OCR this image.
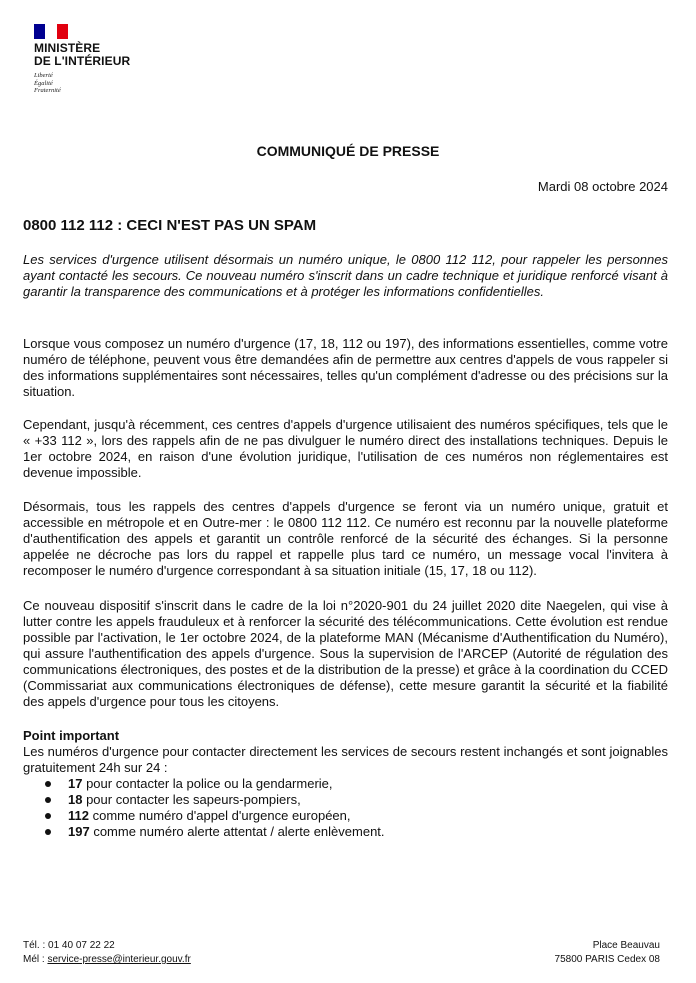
MINISTÈRE
DE L'INTÉRIEUR
Liberté
Égalité
Fraternité
COMMUNIQUÉ DE PRESSE
Mardi 08 octobre 2024
0800 112 112 : CECI N'EST PAS UN SPAM
Les services d'urgence utilisent désormais un numéro unique, le 0800 112 112, pour rappeler les personnes ayant contacté les secours. Ce nouveau numéro s'inscrit dans un cadre technique et juridique renforcé visant à garantir la transparence des communications et à protéger les informations confidentielles.
Lorsque vous composez un numéro d'urgence (17, 18, 112 ou 197), des informations essentielles, comme votre numéro de téléphone, peuvent vous être demandées afin de permettre aux centres d'appels de vous rappeler si des informations supplémentaires sont nécessaires, telles qu'un complément d'adresse ou des précisions sur la situation.
Cependant, jusqu'à récemment, ces centres d'appels d'urgence utilisaient des numéros spécifiques, tels que le « +33 112 », lors des rappels afin de ne pas divulguer le numéro direct des installations techniques. Depuis le 1er octobre 2024, en raison d'une évolution juridique, l'utilisation de ces numéros non réglementaires est devenue impossible.
Désormais, tous les rappels des centres d'appels d'urgence se feront via un numéro unique, gratuit et accessible en métropole et en Outre-mer : le 0800 112 112. Ce numéro est reconnu par la nouvelle plateforme d'authentification des appels et garantit un contrôle renforcé de la sécurité des échanges. Si la personne appelée ne décroche pas lors du rappel et rappelle plus tard ce numéro, un message vocal l'invitera à recomposer le numéro d'urgence correspondant à sa situation initiale (15, 17, 18 ou 112).
Ce nouveau dispositif s'inscrit dans le cadre de la loi n°2020-901 du 24 juillet 2020 dite Naegelen, qui vise à lutter contre les appels frauduleux et à renforcer la sécurité des télécommunications. Cette évolution est rendue possible par l'activation, le 1er octobre 2024, de la plateforme MAN (Mécanisme d'Authentification du Numéro), qui assure l'authentification des appels d'urgence. Sous la supervision de l'ARCEP (Autorité de régulation des communications électroniques, des postes et de la distribution de la presse) et grâce à la coordination du CCED (Commissariat aux communications électroniques de défense), cette mesure garantit la sécurité et la fiabilité des appels d'urgence pour tous les citoyens.
Point important
Les numéros d'urgence pour contacter directement les services de secours restent inchangés et sont joignables gratuitement 24h sur 24 :
17 pour contacter la police ou la gendarmerie,
18 pour contacter les sapeurs-pompiers,
112 comme numéro d'appel d'urgence européen,
197 comme numéro alerte attentat / alerte enlèvement.
Tél. : 01 40 07 22 22
Mél : service-presse@interieur.gouv.fr
Place Beauvau
75800 PARIS Cedex 08
